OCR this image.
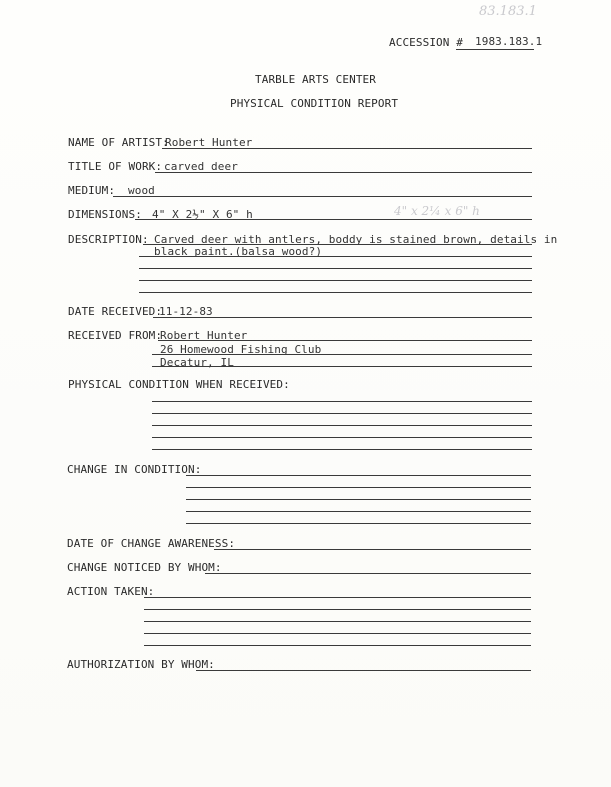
83.183.1
ACCESSION # 1983.183.1
TARBLE ARTS CENTER
PHYSICAL CONDITION REPORT
NAME OF ARTIST:
Robert Hunter
TITLE OF WORK: carved deer
MEDIUM: wood
DIMENSIONS: 4" X 2½" X 6" h	4" x 2¼ x 6" h
DESCRIPTION: Carved deer with antlers, boddy is stained brown, details in
black paint.(balsa wood?)
DATE RECEIVED:
11-12-83
RECEIVED FROM:
Robert Hunter
26 Homewood Fishing Club
Decatur, IL
PHYSICAL CONDITION WHEN RECEIVED:
CHANGE IN CONDITION:
DATE OF CHANGE AWARENESS:
CHANGE NOTICED BY WHOM:
ACTION TAKEN:
AUTHORIZATION BY WHOM:
